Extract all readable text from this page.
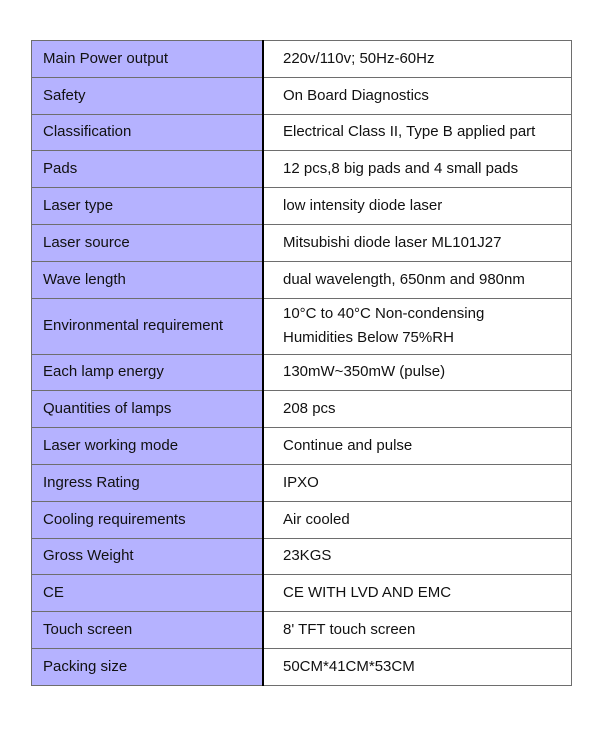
Main Power output	220v/110v; 50Hz-60Hz
Safety	On Board Diagnostics
Classification	Electrical Class II, Type B applied part
Pads	12 pcs,8 big pads and 4 small pads
Laser type	low intensity diode laser
Laser source	Mitsubishi diode laser ML101J27
Wave length	dual wavelength, 650nm and 980nm
Environmental requirement	10°C to 40°C Non-condensing
Humidities Below 75%RH

Each lamp energy	130mW~350mW (pulse)
Quantities of lamps	208 pcs
Laser working mode	Continue and pulse
Ingress Rating	IPXO
Cooling requirements	Air cooled
Gross Weight	23KGS
CE	CE WITH LVD AND EMC
Touch screen	8' TFT touch screen
Packing size	50CM*41CM*53CM
